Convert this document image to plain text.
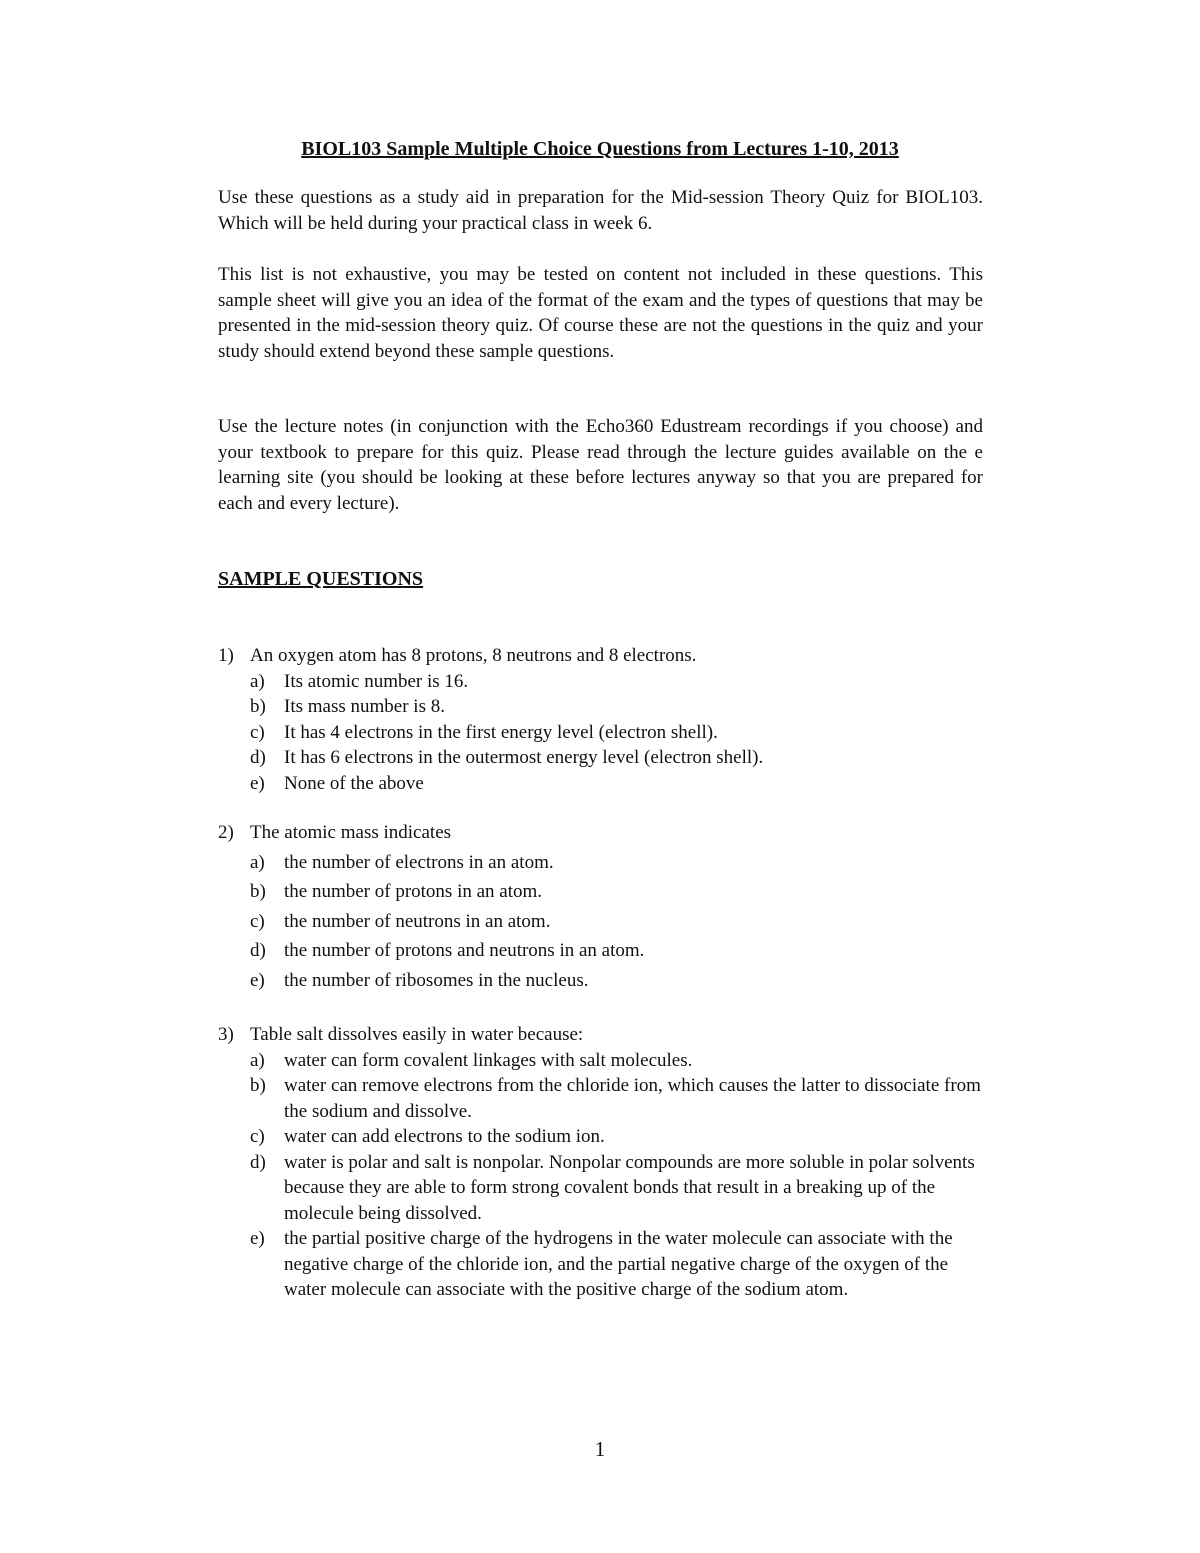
BIOL103 Sample Multiple Choice Questions from Lectures 1-10, 2013

Use these questions as a study aid in preparation for the Mid-session Theory Quiz for BIOL103. Which will be held during your practical class in week 6.

This list is not exhaustive, you may be tested on content not included in these questions. This sample sheet will give you an idea of the format of the exam and the types of questions that may be presented in the mid-session theory quiz. Of course these are not the questions in the quiz and your study should extend beyond these sample questions.

Use the lecture notes (in conjunction with the Echo360 Edustream recordings if you choose) and your textbook to prepare for this quiz. Please read through the lecture guides available on the e learning site (you should be looking at these before lectures anyway so that you are prepared for each and every lecture).

SAMPLE QUESTIONS
1) An oxygen atom has 8 protons, 8 neutrons and 8 electrons.
a) Its atomic number is 16.
b) Its mass number is 8.
c) It has 4 electrons in the first energy level (electron shell).
d) It has 6 electrons in the outermost energy level (electron shell).
e) None of the above
2) The atomic mass indicates
a) the number of electrons in an atom.
b) the number of protons in an atom.
c) the number of neutrons in an atom.
d) the number of protons and neutrons in an atom.
e) the number of ribosomes in the nucleus.
3) Table salt dissolves easily in water because:
a) water can form covalent linkages with salt molecules.
b) water can remove electrons from the chloride ion, which causes the latter to dissociate from the sodium and dissolve.
c) water can add electrons to the sodium ion.
d) water is polar and salt is nonpolar. Nonpolar compounds are more soluble in polar solvents because they are able to form strong covalent bonds that result in a breaking up of the molecule being dissolved.
e) the partial positive charge of the hydrogens in the water molecule can associate with the negative charge of the chloride ion, and the partial negative charge of the oxygen of the water molecule can associate with the positive charge of the sodium atom.
1
